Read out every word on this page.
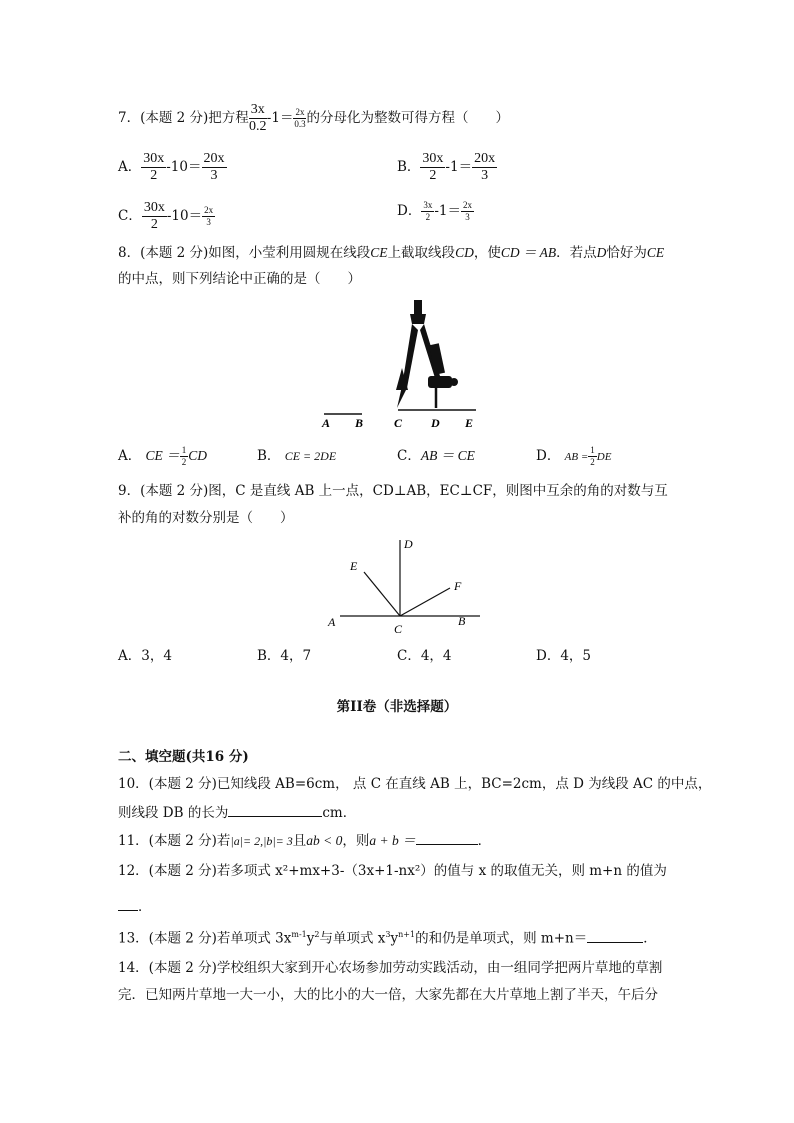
7．(本题 2 分)把方程 $\frac{3x}{0.2} -1= \frac{2x}{0.3}$ 的分母化为整数可得方程（　　）
A． $\frac{30x}{2} -10= \frac{20x}{3}$	B． $\frac{30x}{2} -1= \frac{20x}{3}$
C． $\frac{30x}{2} -10= \frac{2x}{3}$	D． $\frac{3x}{2} -1= \frac{2x}{3}$
8．(本题 2 分)如图，小莹利用圆规在线段CE上截取线段CD，使CD ＝ AB．若点D恰好为CE
的中点，则下列结论中正确的是（　　）
A B	C D E
A． CE ＝ $\frac{1}{2}$ CD	B． CE = 2DE	C．AB ＝ CE	D． AB = $\frac{1}{2}$ DE
9．(本题 2 分)图，C 是直线 AB 上一点，CD⊥AB，EC⊥CF，则图中互余的角的对数与互
补的角的对数分别是（　　）
D
E
F
A	C
B
A．3，4	B．4，7	C．4，4	D．4，5
第II卷（非选择题）
二、填空题(共16 分)
10．(本题 2 分)已知线段 AB=6cm， 点 C 在直线 AB 上，BC=2cm，点 D 为线段 AC 的中点，
则线段 DB 的长为	cm．
11．(本题 2 分)若|a|= 2,|b|= 3且ab < 0，则a + b ＝	．
12．(本题 2 分)若多项式 x²+mx+3-（3x+1-nx²）的值与 x 的取值无关，则 m+n 的值为
．
13．(本题 2 分)若单项式 $3x^{m-1}y^2$与单项式 $x^3y^{n+1}$的和仍是单项式，则 m+n＝	．
14．(本题 2 分)学校组织大家到开心农场参加劳动实践活动，由一组同学把两片草地的草割
完．已知两片草地一大一小，大的比小的大一倍，大家先都在大片草地上割了半天，午后分
